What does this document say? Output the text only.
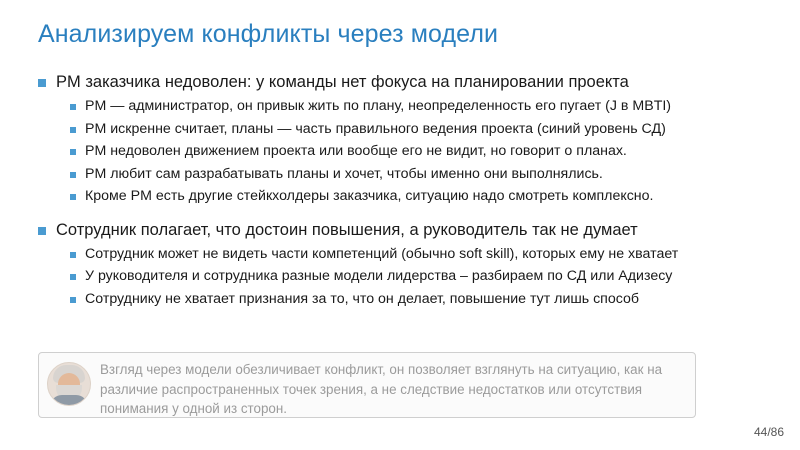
Анализируем конфликты через модели
PM заказчика недоволен: у команды нет фокуса на планировании проекта
PM — администратор, он привык жить по плану, неопределенность его пугает (J в MBTI)
PM искренне считает, планы — часть правильного ведения проекта (синий уровень СД)
PM недоволен движением проекта или вообще его не видит, но говорит о планах.
PM любит сам разрабатывать планы и хочет, чтобы именно они выполнялись.
Кроме PM есть другие стейкхолдеры заказчика, ситуацию надо смотреть комплексно.
Сотрудник полагает, что достоин повышения, а руководитель так не думает
Сотрудник может не видеть части компетенций (обычно soft skill), которых ему не хватает
У руководителя и сотрудника разные модели лидерства – разбираем по СД или Адизесу
Сотруднику не хватает признания за то, что он делает, повышение тут лишь способ
Взгляд через модели обезличивает конфликт, он позволяет взглянуть на ситуацию, как на различие распространенных точек зрения, а не следствие недостатков или отсутствия понимания у одной из сторон.
44/86
